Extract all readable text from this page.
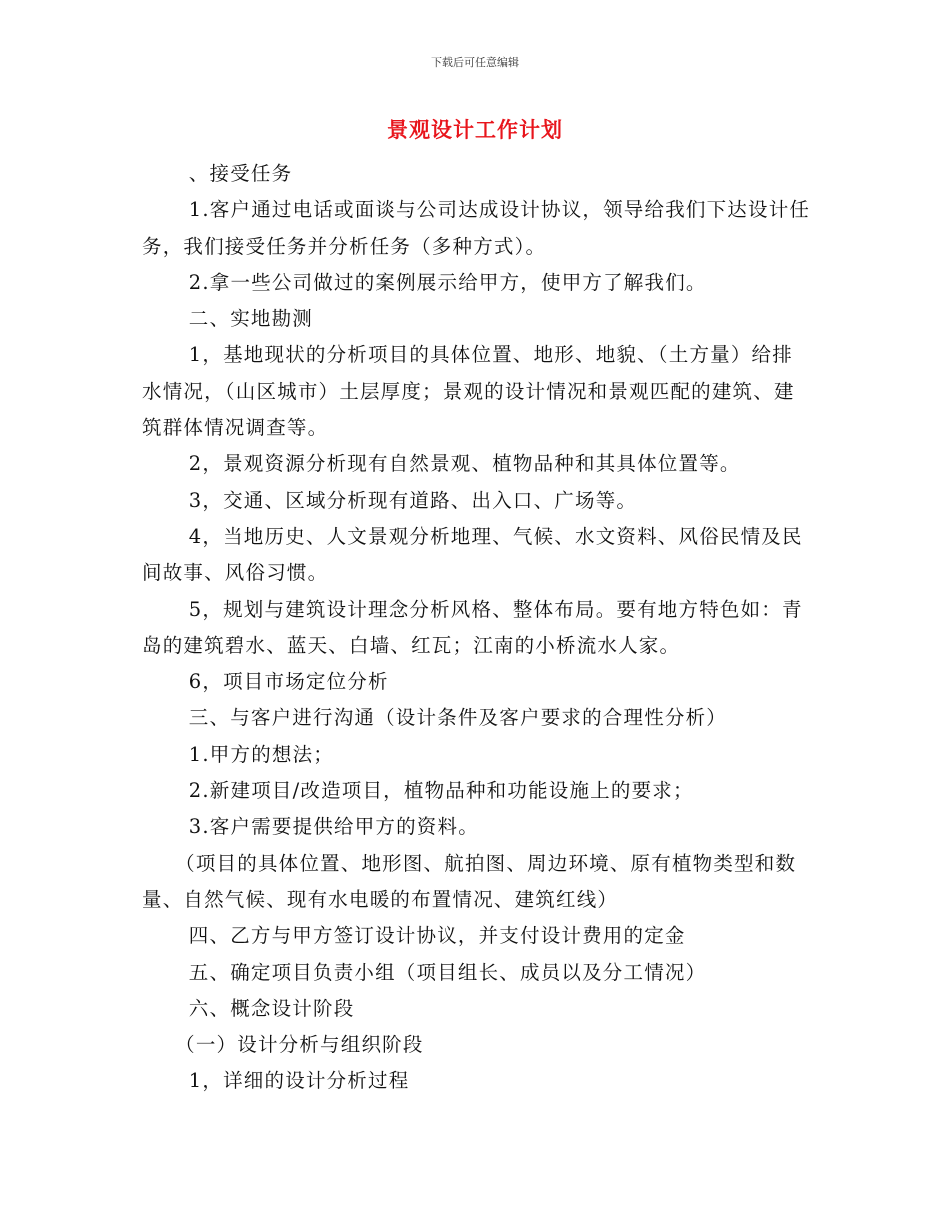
下载后可任意编辑
景观设计工作计划

、接受任务

1.客户通过电话或面谈与公司达成设计协议，领导给我们下达设计任务，我们接受任务并分析任务（多种方式）。

2.拿一些公司做过的案例展示给甲方，使甲方了解我们。

二、实地勘测

1，基地现状的分析项目的具体位置、地形、地貌、（土方量）给排水情况，（山区城市）土层厚度；景观的设计情况和景观匹配的建筑、建筑群体情况调查等。

2，景观资源分析现有自然景观、植物品种和其具体位置等。

3，交通、区域分析现有道路、出入口、广场等。

4，当地历史、人文景观分析地理、气候、水文资料、风俗民情及民间故事、风俗习惯。

5，规划与建筑设计理念分析风格、整体布局。要有地方特色如：青岛的建筑碧水、蓝天、白墙、红瓦；江南的小桥流水人家。

6，项目市场定位分析

三、与客户进行沟通（设计条件及客户要求的合理性分析）

1.甲方的想法；

2.新建项目/改造项目，植物品种和功能设施上的要求；

3.客户需要提供给甲方的资料。

（项目的具体位置、地形图、航拍图、周边环境、原有植物类型和数量、自然气候、现有水电暖的布置情况、建筑红线）

四、乙方与甲方签订设计协议，并支付设计费用的定金

五、确定项目负责小组（项目组长、成员以及分工情况）

六、概念设计阶段

（一）设计分析与组织阶段

1，详细的设计分析过程
